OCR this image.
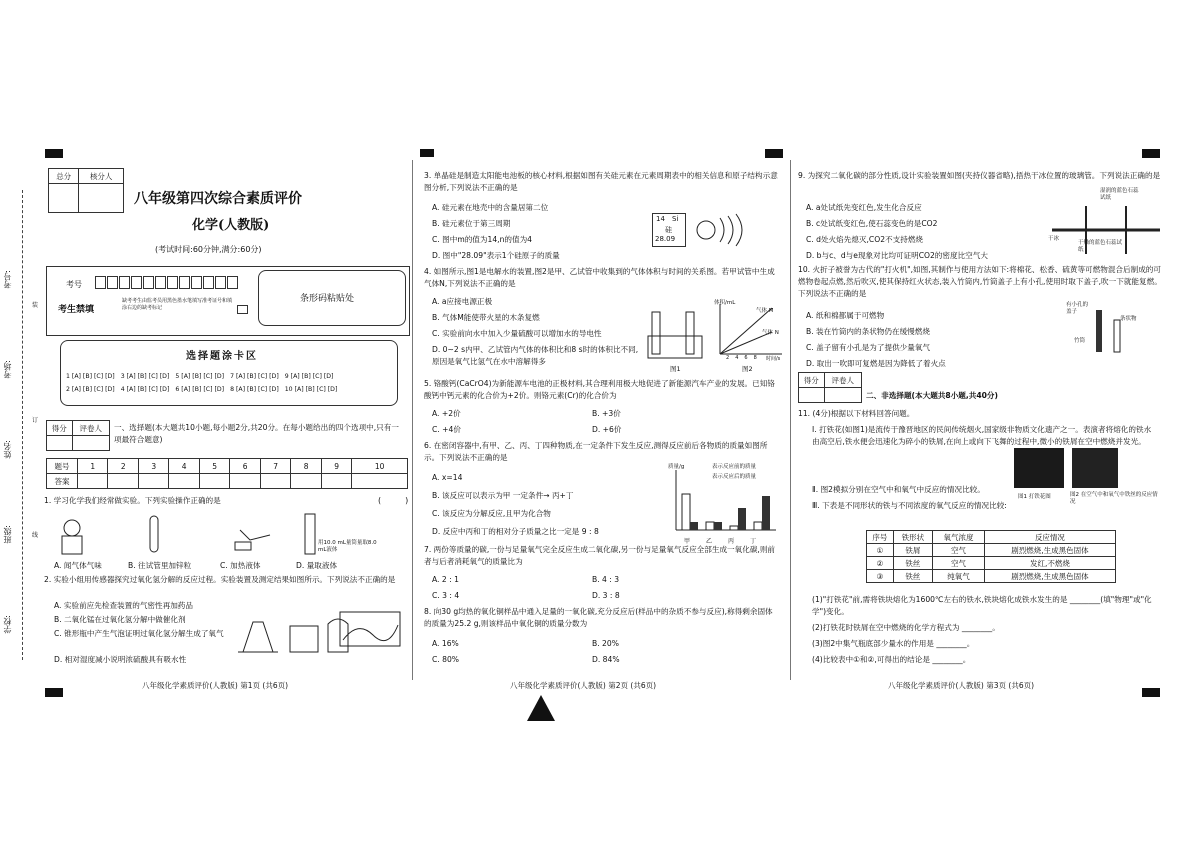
考号:
考场:
姓名:
班级:
学校:
装
订
线
总分	核分人

八年级第四次综合素质评价
化学(人教版)
(考试时间:60分钟,满分:60分)
考号
考生禁填
缺考考生由监考员用黑色墨水笔填写准考证号和填涂右边的缺考标记
条形码粘贴处
选择题涂卡区
1 [A] [B] [C] [D] 3 [A] [B] [C] [D] 5 [A] [B] [C] [D] 7 [A] [B] [C] [D] 9 [A] [B] [C] [D]
2 [A] [B] [C] [D] 4 [A] [B] [C] [D] 6 [A] [B] [C] [D] 8 [A] [B] [C] [D] 10 [A] [B] [C] [D]
得分	评卷人
	一、选择题(本大题共10小题,每小题2分,共20分。在每小题给出的四个选项中,只有一项最符合题意)
题号	1	2	3	4	5	6	7	8	9	10
答案										
1. 学习化学我们经常做实验。下列实验操作正确的是	(　　　)
用10.0 mL量筒量取8.0 mL液体
A. 闻气体气味	B. 往试管里加锌粒	C. 加热液体	D. 量取液体
2. 实验小组用传感器探究过氧化氢分解的反应过程。实验装置及测定结果如图所示。下列说法不正确的是
A. 实验前应先检查装置的气密性再加药品
B. 二氧化锰在过氧化氢分解中做催化剂
C. 锥形瓶中产生气泡证明过氧化氢分解生成了氧气
D. 相对湿度减小说明浓硫酸具有吸水性
八年级化学素质评价(人教版) 第1页 (共6页)
3. 单晶硅是制造太阳能电池板的核心材料,根据如图有关硅元素在元素周期表中的相关信息和原子结构示意图分析,下列说法不正确的是
A. 硅元素在地壳中的含量居第二位
B. 硅元素位于第三周期
C. 图中m的值为14,n的值为4
D. 图中"28.09"表示1个硅原子的质量
14 Si
硅
28.09
4. 如图所示,图1是电解水的装置,图2是甲、乙试管中收集到的气体体积与时间的关系图。若甲试管中生成气体N,下列说法不正确的是
A. a应接电源正极
B. 气体M能使带火星的木条复燃
C. 实验前向水中加入少量硫酸可以增加水的导电性
D. 0~2 s内甲、乙试管内气体的体积比和8 s时的体积比不同,原因是氧气比氢气在水中溶解得多
图1
体积/mL
气体 M
气体 N
2 4 6 8 时间/s
图2
5. 铬酸钙(CaCrO4)为新能源车电池的正极材料,其合理利用极大地促进了新能源汽车产业的发展。已知铬酸钙中钙元素的化合价为+2价。则铬元素(Cr)的化合价为
A. +2价	B. +3价
C. +4价	D. +6价
6. 在密闭容器中,有甲、乙、丙、丁四种物质,在一定条件下发生反应,测得反应前后各物质的质量如图所示。下列说法不正确的是
A. x=14
B. 该反应可以表示为甲 一定条件→ 丙+丁
C. 该反应为分解反应,且甲为化合物
D. 反应中丙和丁的相对分子质量之比一定是 9 : 8
质量/g	表示反应前的质量
表示反应后的质量
甲	乙	丙	丁
7. 两份等质量的碳,一份与足量氧气完全反应生成二氧化碳,另一份与足量氧气反应全部生成一氧化碳,则前者与后者消耗氧气的质量比为
A. 2 : 1	B. 4 : 3
C. 3 : 4	D. 3 : 8
8. 向30 g均热的氧化铜样品中通入足量的一氧化碳,充分反应后(样品中的杂质不参与反应),称得剩余固体的质量为25.2 g,则该样品中氧化铜的质量分数为
A. 16%	B. 20%
C. 80%	D. 84%
八年级化学素质评价(人教版) 第2页 (共6页)
9. 为探究二氧化碳的部分性质,设计实验装置如图(夹持仪器省略),捂热干冰位置的玻璃管。下列说法正确的是
A. a处试纸先变红色,发生化合反应
B. c处试纸变红色,使石蕊变色的是CO2
C. d处火焰先熄灭,CO2不支持燃烧
D. b与c、d与e现象对比均可证明CO2的密度比空气大
湿润的蓝色石蕊试纸
干冰
干燥的蓝色石蕊试纸
10. 火折子被誉为古代的"打火机",如图,其制作与使用方法如下:将棉花、松香、硫黄等可燃物混合后制成的可燃物卷起点燃,然后吹灭,使其保持红火状态,装入竹筒内,竹筒盖子上有小孔,使用时取下盖子,吹一下就能复燃。下列说法不正确的是
A. 纸和棉都属于可燃物
B. 装在竹筒内的条状物仍在缓慢燃烧
C. 盖子留有小孔是为了提供少量氧气
D. 取出一吹即可复燃是因为降低了着火点
有小孔的盖子
条状物
竹筒
得分	评卷人

二、非选择题(本大题共8小题,共40分)
11. (4分)根据以下材料回答问题。
Ⅰ. 打铁花(如图1)是流传于豫晋地区的民间传统烟火,国家级非物质文化遗产之一。表演者将熔化的铁水由高空后,铁水便会迅速化为碎小的铁屑,在向上或向下飞舞的过程中,微小的铁屑在空中燃烧并发光。
Ⅱ. 图2模拟分别在空气中和氧气中反应的情况比较。
Ⅲ. 下表是不同形状的铁与不同浓度的氧气反应的情况比较:
图1 打铁花图	图2 在空气中和氧气中铁丝的反应情况
序号	铁形状	氧气浓度	反应情况
①	铁屑	空气	剧烈燃烧,生成黑色固体
②	铁丝	空气	发红,不燃烧
③	铁丝	纯氧气	剧烈燃烧,生成黑色固体
(1)"打铁花"前,需将铁块熔化为1600℃左右的铁水,铁块熔化成铁水发生的是 ________(填"物理"或"化学")变化。
(2)打铁花时铁屑在空中燃烧的化学方程式为 ________。
(3)图2中集气瓶底部少量水的作用是 ________。
(4)比较表中①和②,可得出的结论是 ________。
八年级化学素质评价(人教版) 第3页 (共6页)
